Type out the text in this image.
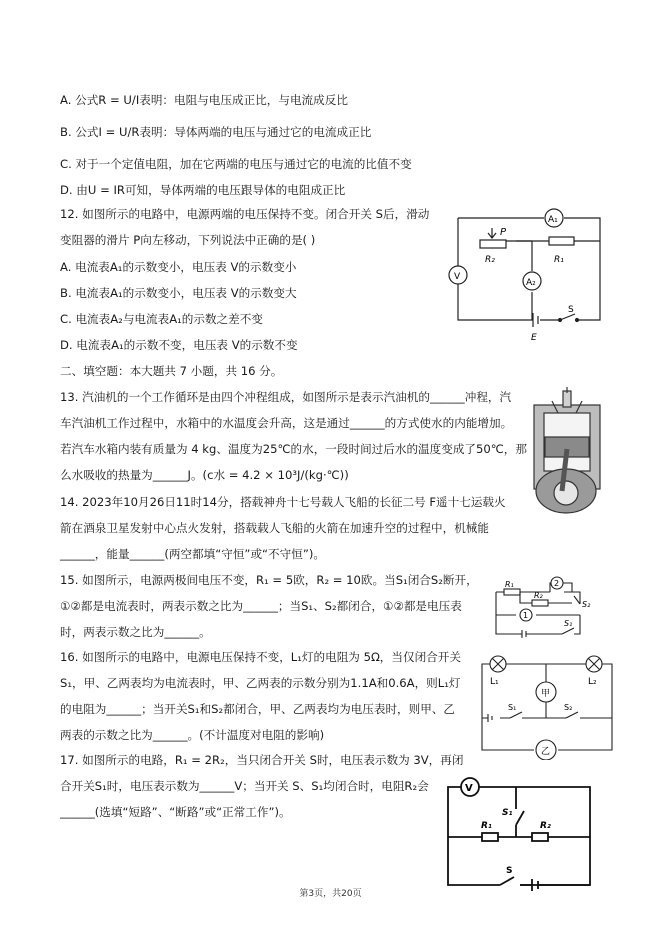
A. 公式R = U/I表明：电阻与电压成正比，与电流成反比
B. 公式I = U/R表明：导体两端的电压与通过它的电流成正比
C. 对于一个定值电阻，加在它两端的电压与通过它的电流的比值不变
D. 由U = IR可知，导体两端的电压跟导体的电阻成正比
12. 如图所示的电路中，电源两端的电压保持不变。闭合开关 S后，滑动
变阻器的滑片 P向左移动，下列说法中正确的是( )
A. 电流表A₁的示数变小，电压表 V的示数变小
B. 电流表A₁的示数变小，电压表 V的示数变大
C. 电流表A₂与电流表A₁的示数之差不变
D. 电流表A₁的示数不变，电压表 V的示数不变
A₁
P
R₂	R₁
V
A₂
E
S
二、填空题：本大题共 7 小题，共 16 分。
13. 汽油机的一个工作循环是由四个冲程组成，如图所示是表示汽油机的______冲程，汽
车汽油机工作过程中，水箱中的水温度会升高，这是通过______的方式使水的内能增加。
若汽车水箱内装有质量为 4 kg、温度为25℃的水，一段时间过后水的温度变成了50℃，那
么水吸收的热量为______J。(c水 = 4.2 × 10³J/(kg·℃))
14. 2023年10月26日11时14分，搭载神舟十七号载人飞船的长征二号 F遥十七运载火
箭在酒泉卫星发射中心点火发射，搭载载人飞船的火箭在加速升空的过程中，机械能
______，能量______(两空都填“守恒”或“不守恒”)。
15. 如图所示，电源两极间电压不变，R₁ = 5欧，R₂ = 10欧。当S₁闭合S₂断开，
①②都是电流表时，两表示数之比为______；当S₁、S₂都闭合，①②都是电压表
时，两表示数之比为______。
R₁
R₂
2
1
S₁
S₂
16. 如图所示的电路中，电源电压保持不变，L₁灯的电阻为 5Ω，当仅闭合开关
S₁，甲、乙两表均为电流表时，甲、乙两表的示数分别为1.1A和0.6A，则L₁灯
的电阻为______；当开关S₁和S₂都闭合，甲、乙两表均为电压表时，则甲、乙
两表的示数之比为______。(不计温度对电阻的影响)
L₁	L₂
甲
乙
S₁	S₂
17. 如图所示的电路，R₁ = 2R₂，当只闭合开关 S时，电压表示数为 3V，再闭
合开关S₁时，电压表示数为______V；当开关 S、S₁均闭合时，电阻R₂会
______(选填“短路”、“断路”或“正常工作”)。
V
S₁
R₁	R₂
S
第3页，共20页
